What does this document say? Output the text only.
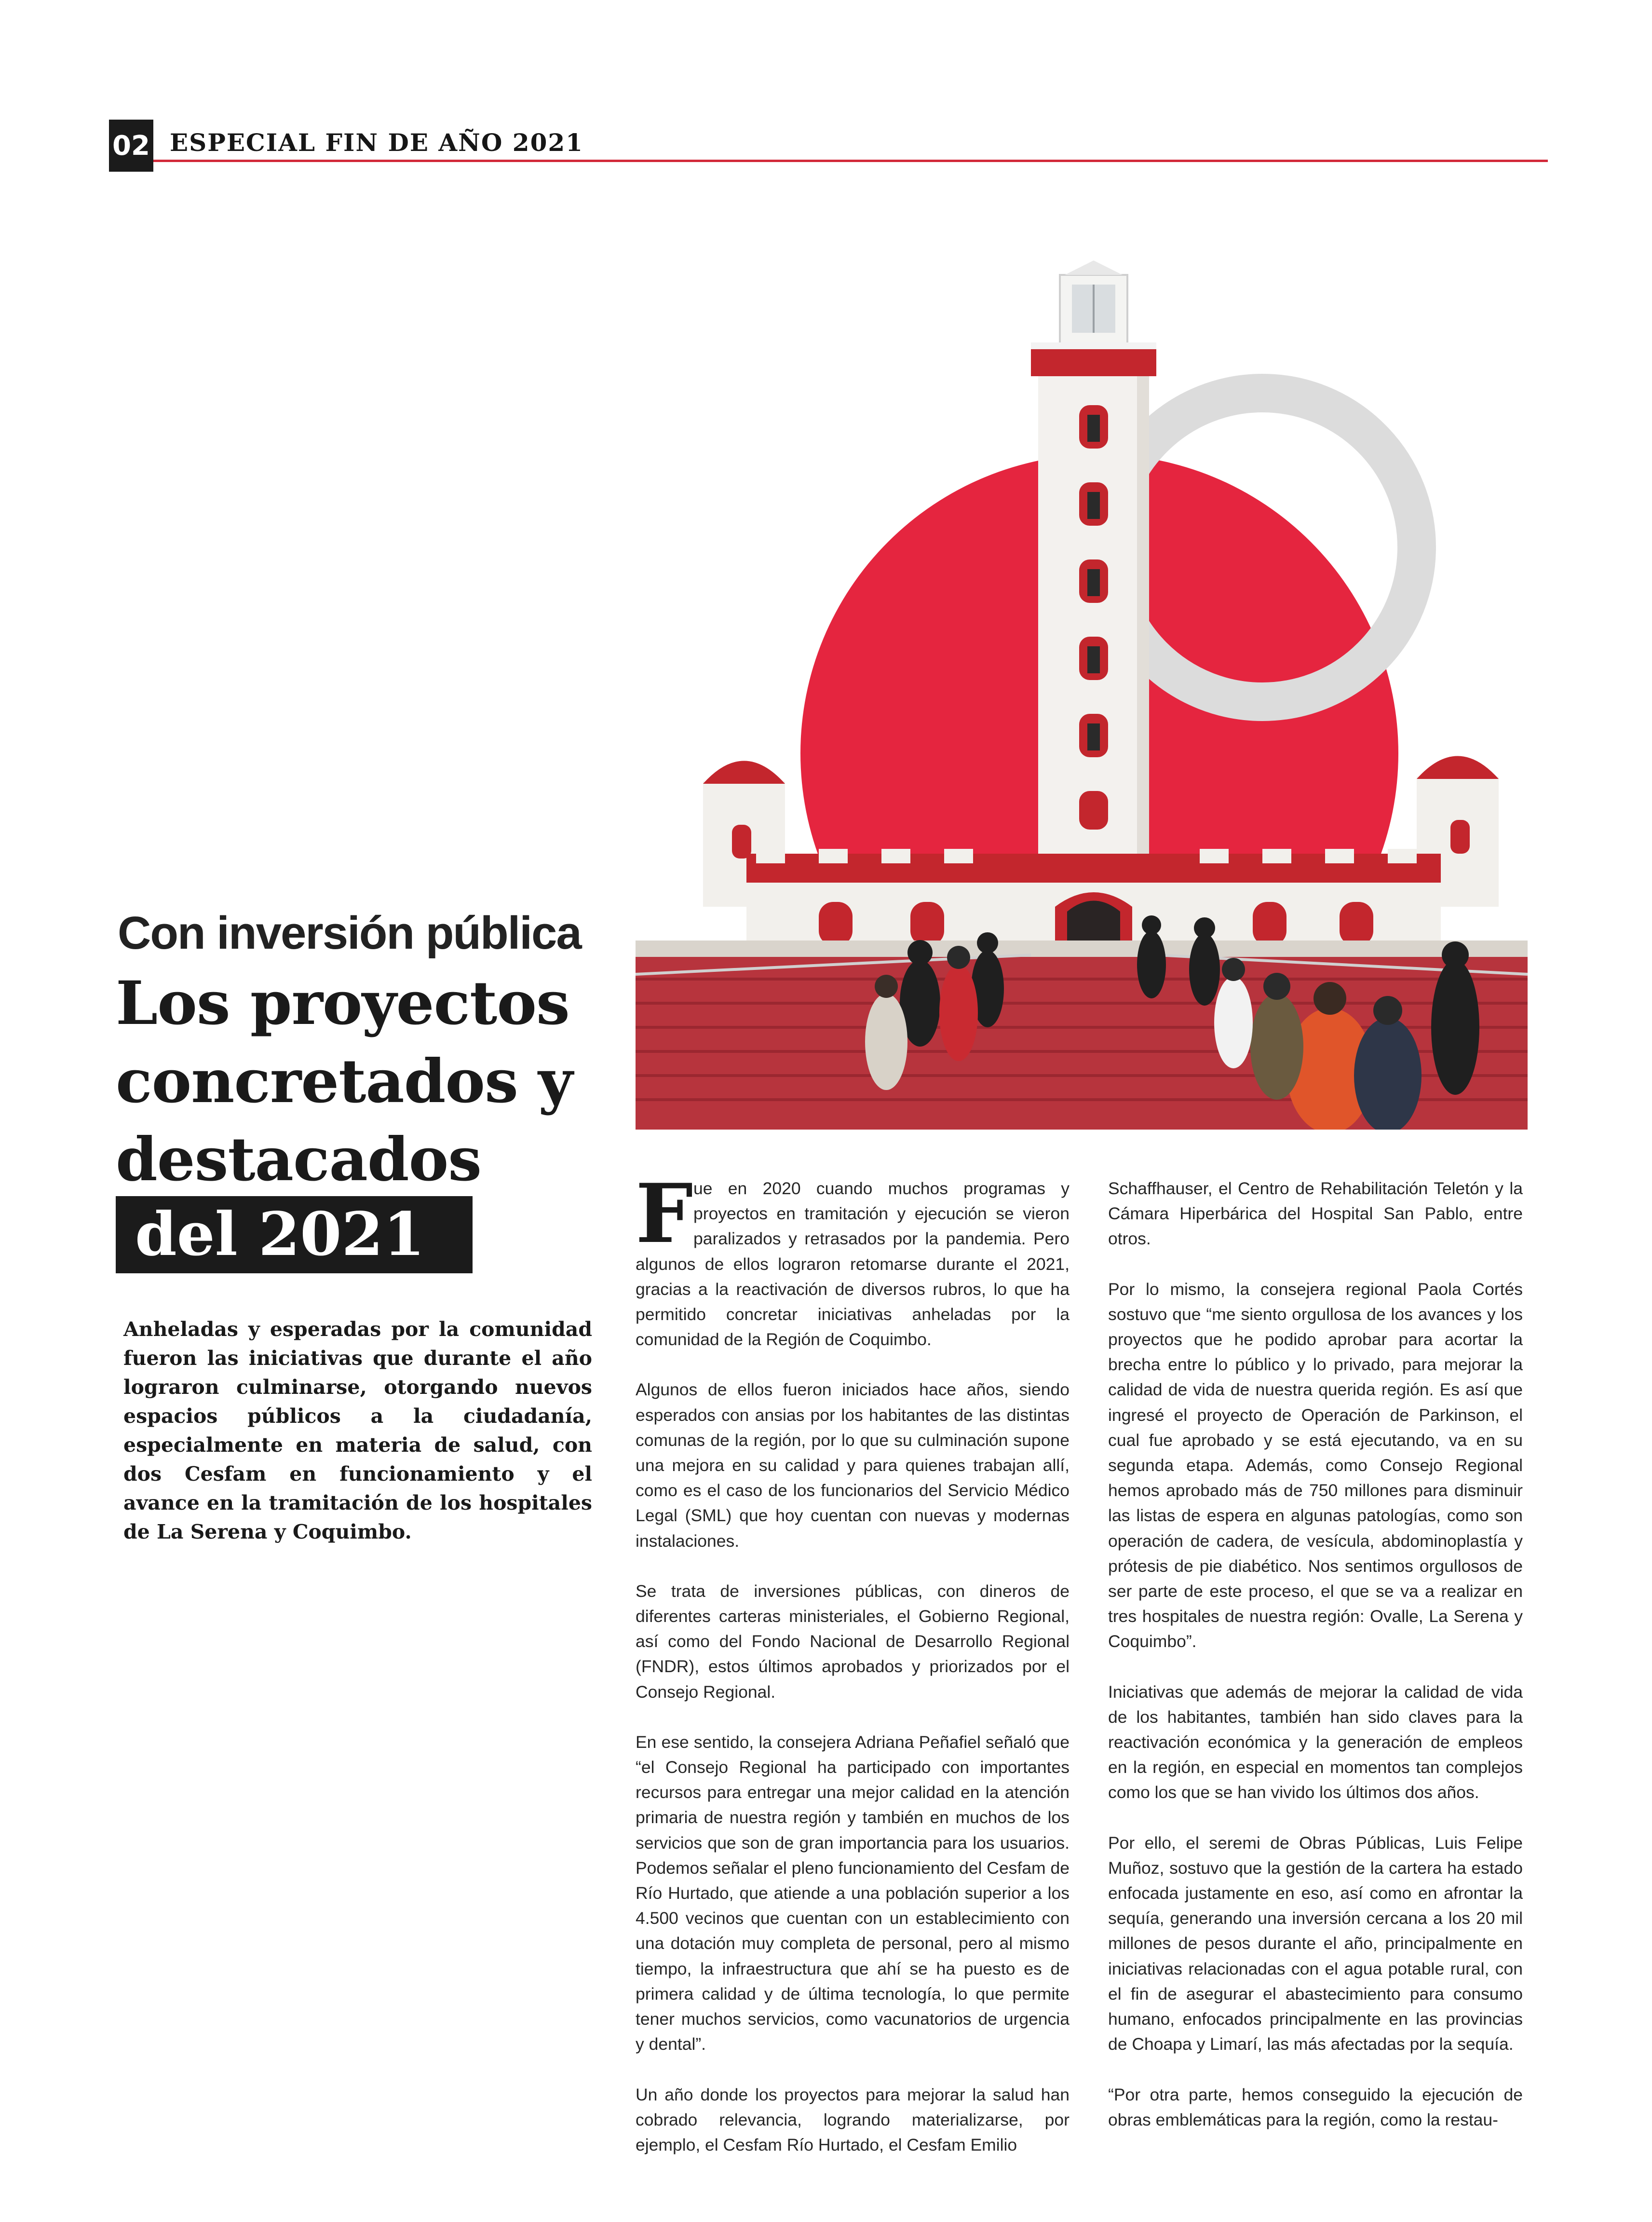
02 ESPECIAL FIN DE AÑO 2021
Con inversión pública
Los proyectos
concretados y
destacados
del 2021

Anheladas y esperadas por la comunidad fueron las iniciativas que durante el año lograron culminarse, otorgando nuevos espacios públicos a la ciudadanía, especialmente en materia de salud, con dos Cesfam en funcionamiento y el avance en la tramitación de los hospitales de La Serena y Coquimbo.

Fue en 2020 cuando muchos programas y proyectos en tramitación y ejecución se vieron paralizados y retrasados por la pandemia. Pero algunos de ellos lograron retomarse durante el 2021, gracias a la reactivación de diversos rubros, lo que ha permitido concretar iniciativas anheladas por la comunidad de la Región de Coquimbo.

Algunos de ellos fueron iniciados hace años, siendo esperados con ansias por los habitantes de las distintas comunas de la región, por lo que su culminación supone una mejora en su calidad y para quienes trabajan allí, como es el caso de los funcionarios del Servicio Médico Legal (SML) que hoy cuentan con nuevas y modernas instalaciones.

Se trata de inversiones públicas, con dineros de diferentes carteras ministeriales, el Gobierno Regional, así como del Fondo Nacional de Desarrollo Regional (FNDR), estos últimos aprobados y priorizados por el Consejo Regional.

En ese sentido, la consejera Adriana Peñafiel señaló que “el Consejo Regional ha participado con importantes recursos para entregar una mejor calidad en la atención primaria de nuestra región y también en muchos de los servicios que son de gran importancia para los usuarios. Podemos señalar el pleno funcionamiento del Cesfam de Río Hurtado, que atiende a una población superior a los 4.500 vecinos que cuentan con un establecimiento con una dotación muy completa de personal, pero al mismo tiempo, la infraestructura que ahí se ha puesto es de primera calidad y de última tecnología, lo que permite tener muchos servicios, como vacunatorios de urgencia y dental”.

Un año donde los proyectos para mejorar la salud han cobrado relevancia, logrando materializarse, por ejemplo, el Cesfam Río Hurtado, el Cesfam Emilio

Schaffhauser, el Centro de Rehabilitación Teletón y la Cámara Hiperbárica del Hospital San Pablo, entre otros.

Por lo mismo, la consejera regional Paola Cortés sostuvo que “me siento orgullosa de los avances y los proyectos que he podido aprobar para acortar la brecha entre lo público y lo privado, para mejorar la calidad de vida de nuestra querida región. Es así que ingresé el proyecto de Operación de Parkinson, el cual fue aprobado y se está ejecutando, va en su segunda etapa. Además, como Consejo Regional hemos aprobado más de 750 millones para disminuir las listas de espera en algunas patologías, como son operación de cadera, de vesícula, abdominoplastía y prótesis de pie diabético. Nos sentimos orgullosos de ser parte de este proceso, el que se va a realizar en tres hospitales de nuestra región: Ovalle, La Serena y Coquimbo”.

Iniciativas que además de mejorar la calidad de vida de los habitantes, también han sido claves para la reactivación económica y la generación de empleos en la región, en especial en momentos tan complejos como los que se han vivido los últimos dos años.

Por ello, el seremi de Obras Públicas, Luis Felipe Muñoz, sostuvo que la gestión de la cartera ha estado enfocada justamente en eso, así como en afrontar la sequía, generando una inversión cercana a los 20 mil millones de pesos durante el año, principalmente en iniciativas relacionadas con el agua potable rural, con el fin de asegurar el abastecimiento para consumo humano, enfocados principalmente en las provincias de Choapa y Limarí, las más afectadas por la sequía.

“Por otra parte, hemos conseguido la ejecución de obras emblemáticas para la región, como la restau-
